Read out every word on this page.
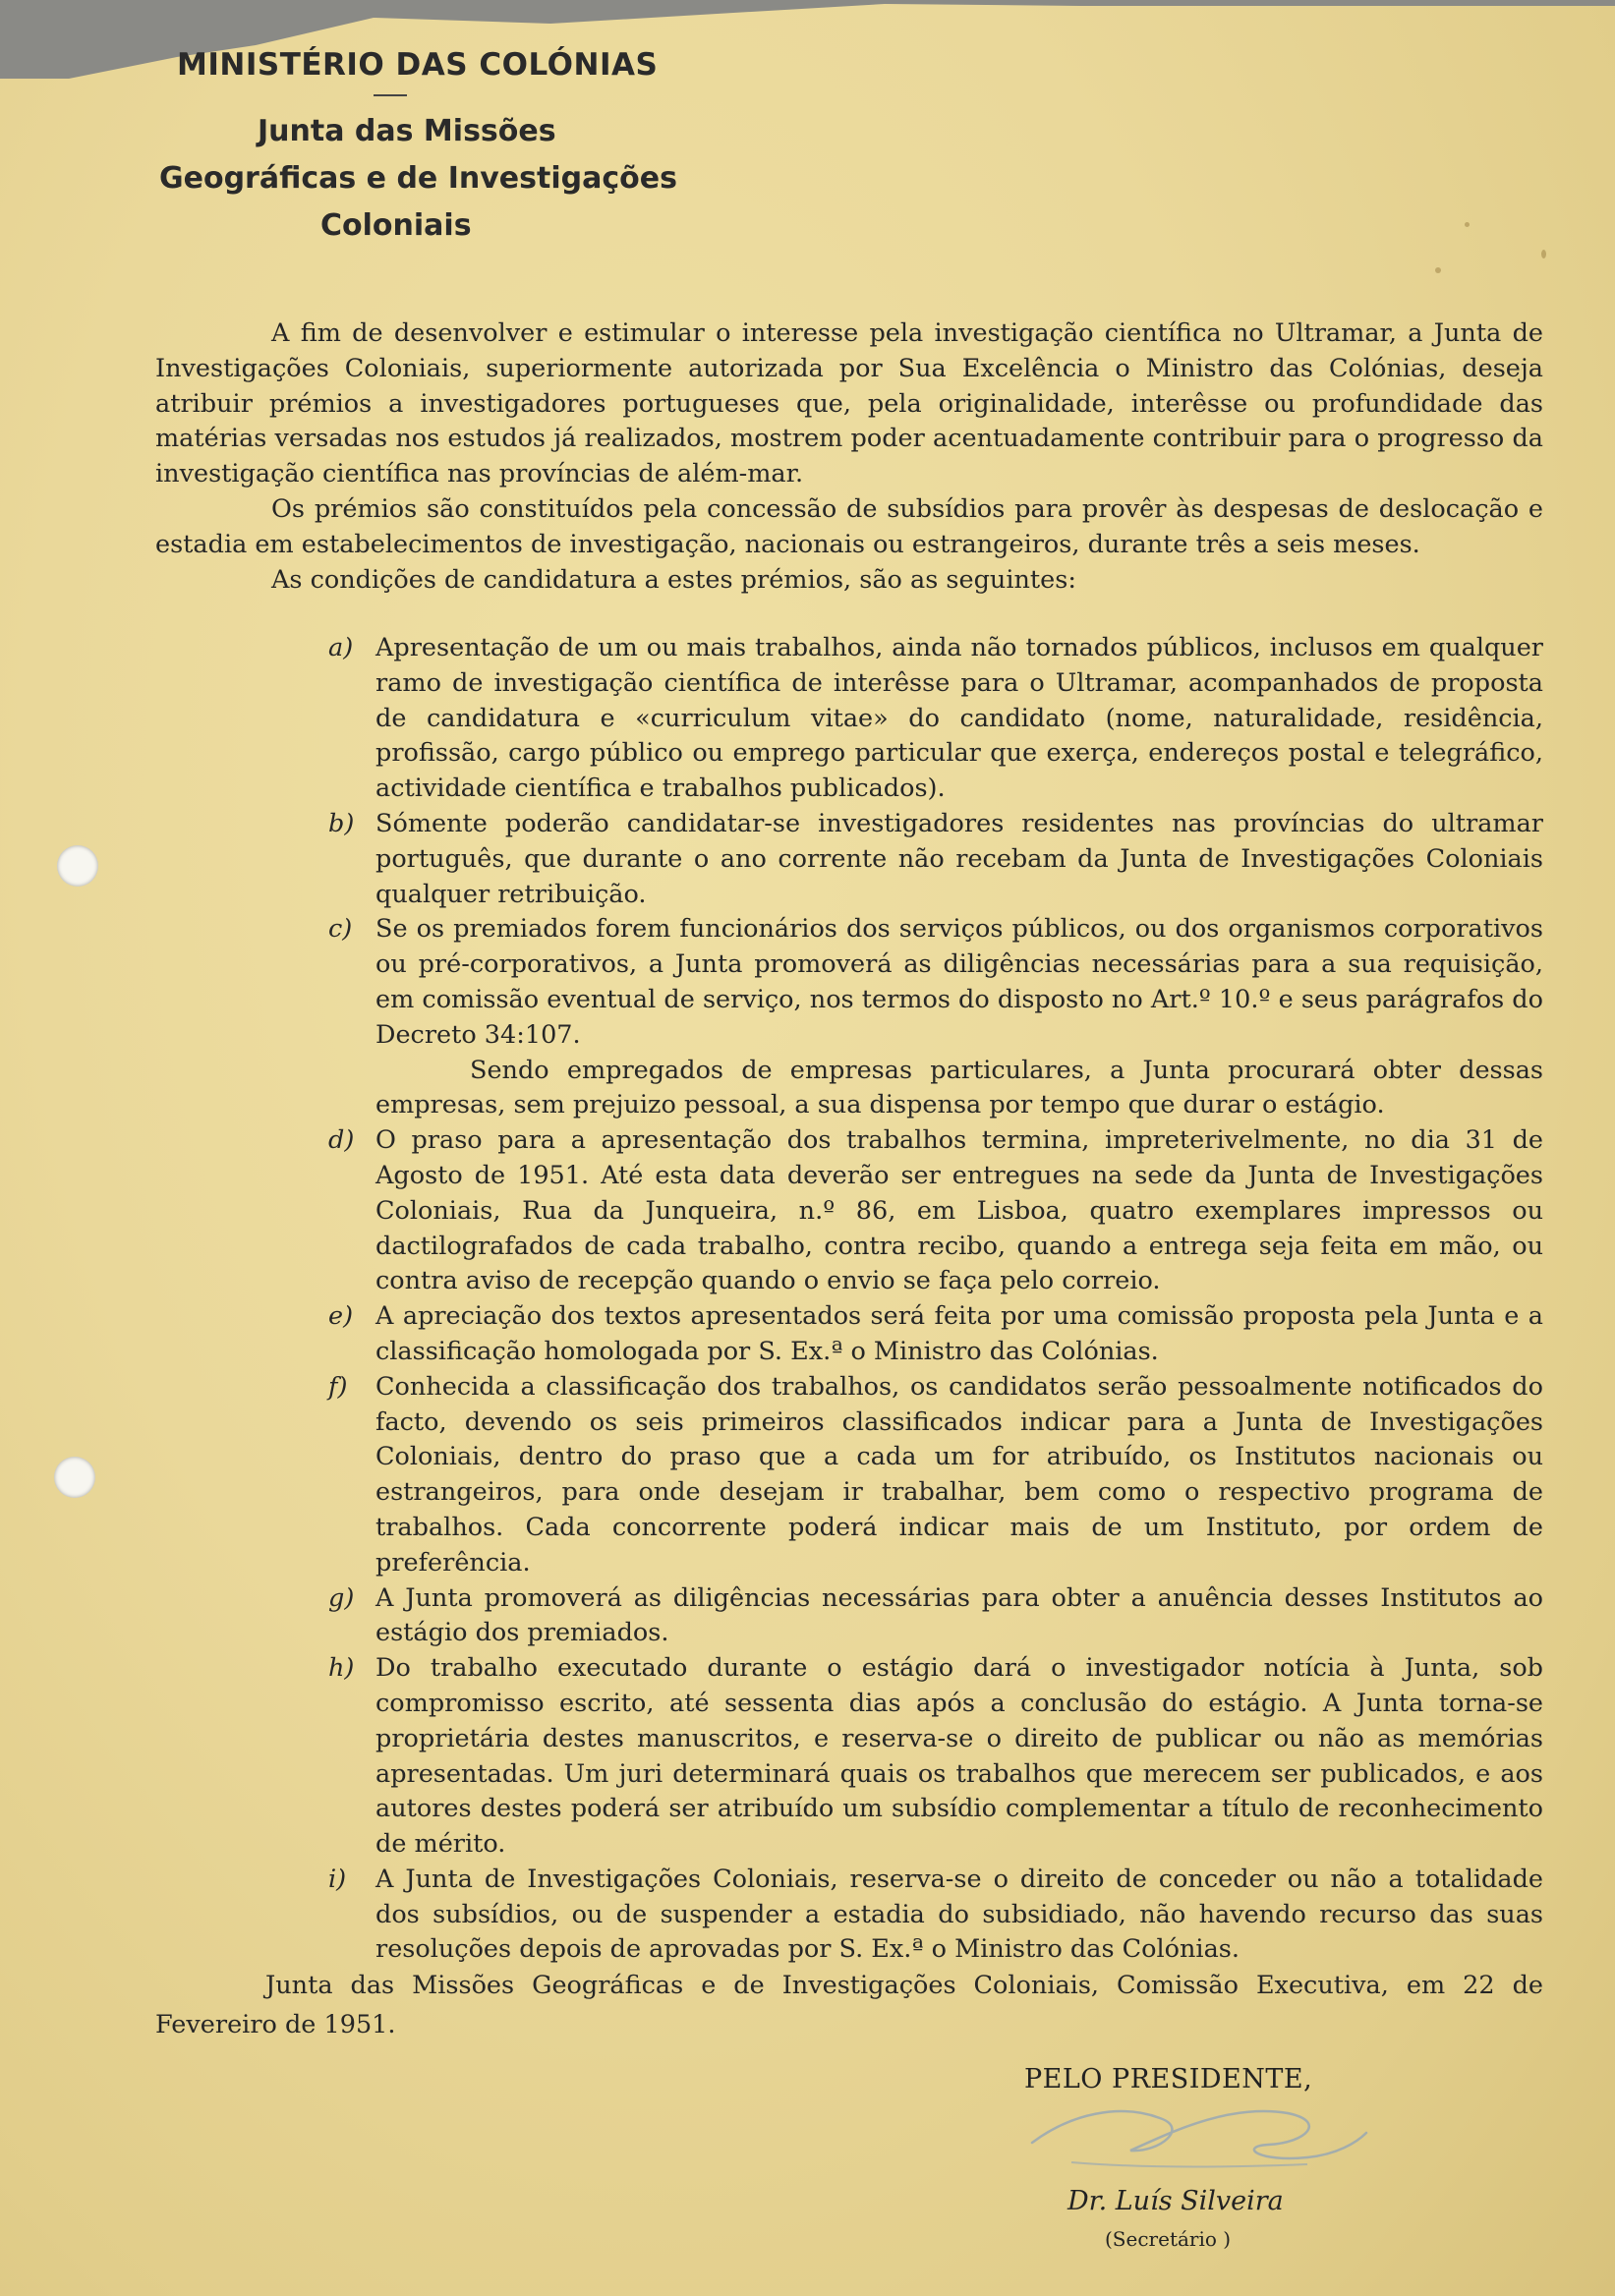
MINISTÉRIO DAS COLÓNIAS
Junta das Missões
Geográficas e de Investigações
Coloniais

A fim de desenvolver e estimular o interesse pela investigação científica no Ultramar, a Junta de Investigações Coloniais, superiormente autorizada por Sua Excelência o Ministro das Colónias, deseja atribuir prémios a investigadores portugueses que, pela originalidade, interêsse ou profundidade das matérias versadas nos estudos já realizados, mostrem poder acentuadamente contribuir para o progresso da investigação científica nas províncias de além-mar.

Os prémios são constituídos pela concessão de subsídios para provêr às despesas de deslocação e estadia em estabelecimentos de investigação, nacionais ou estrangeiros, durante três a seis meses.

As condições de candidatura a estes prémios, são as seguintes:

a) Apresentação de um ou mais trabalhos, ainda não tornados públicos, inclusos em qualquer ramo de investigação científica de interêsse para o Ultramar, acompanhados de proposta de candidatura e «curriculum vitae» do candidato (nome, naturalidade, residência, profissão, cargo público ou emprego particular que exerça, endereços postal e telegráfico, actividade científica e trabalhos publicados).
b) Sómente poderão candidatar-se investigadores residentes nas províncias do ultramar português, que durante o ano corrente não recebam da Junta de Investigações Coloniais qualquer retribuição.
c) Se os premiados forem funcionários dos serviços públicos, ou dos organismos corporativos ou pré-corporativos, a Junta promoverá as diligências necessárias para a sua requisição, em comissão eventual de serviço, nos termos do disposto no Art.º 10.º e seus parágrafos do Decreto 34:107.
Sendo empregados de empresas particulares, a Junta procurará obter dessas empresas, sem prejuizo pessoal, a sua dispensa por tempo que durar o estágio.
d) O praso para a apresentação dos trabalhos termina, impreterivelmente, no dia 31 de Agosto de 1951. Até esta data deverão ser entregues na sede da Junta de Investigações Coloniais, Rua da Junqueira, n.º 86, em Lisboa, quatro exemplares impressos ou dactilografados de cada trabalho, contra recibo, quando a entrega seja feita em mão, ou contra aviso de recepção quando o envio se faça pelo correio.
e) A apreciação dos textos apresentados será feita por uma comissão proposta pela Junta e a classificação homologada por S. Ex.ª o Ministro das Colónias.
f) Conhecida a classificação dos trabalhos, os candidatos serão pessoalmente notificados do facto, devendo os seis primeiros classificados indicar para a Junta de Investigações Coloniais, dentro do praso que a cada um for atribuído, os Institutos nacionais ou estrangeiros, para onde desejam ir trabalhar, bem como o respectivo programa de trabalhos. Cada concorrente poderá indicar mais de um Instituto, por ordem de preferência.
g) A Junta promoverá as diligências necessárias para obter a anuência desses Institutos ao estágio dos premiados.
h) Do trabalho executado durante o estágio dará o investigador notícia à Junta, sob compromisso escrito, até sessenta dias após a conclusão do estágio. A Junta torna-se proprietária destes manuscritos, e reserva-se o direito de publicar ou não as memórias apresentadas. Um juri determinará quais os trabalhos que merecem ser publicados, e aos autores destes poderá ser atribuído um subsídio complementar a título de reconhecimento de mérito.
i) A Junta de Investigações Coloniais, reserva-se o direito de conceder ou não a totalidade dos subsídios, ou de suspender a estadia do subsidiado, não havendo recurso das suas resoluções depois de aprovadas por S. Ex.ª o Ministro das Colónias.
Junta das Missões Geográficas e de Investigações Coloniais, Comissão Executiva, em 22 de Fevereiro de 1951.
PELO PRESIDENTE,
Dr. Luís Silveira
(Secretário )
